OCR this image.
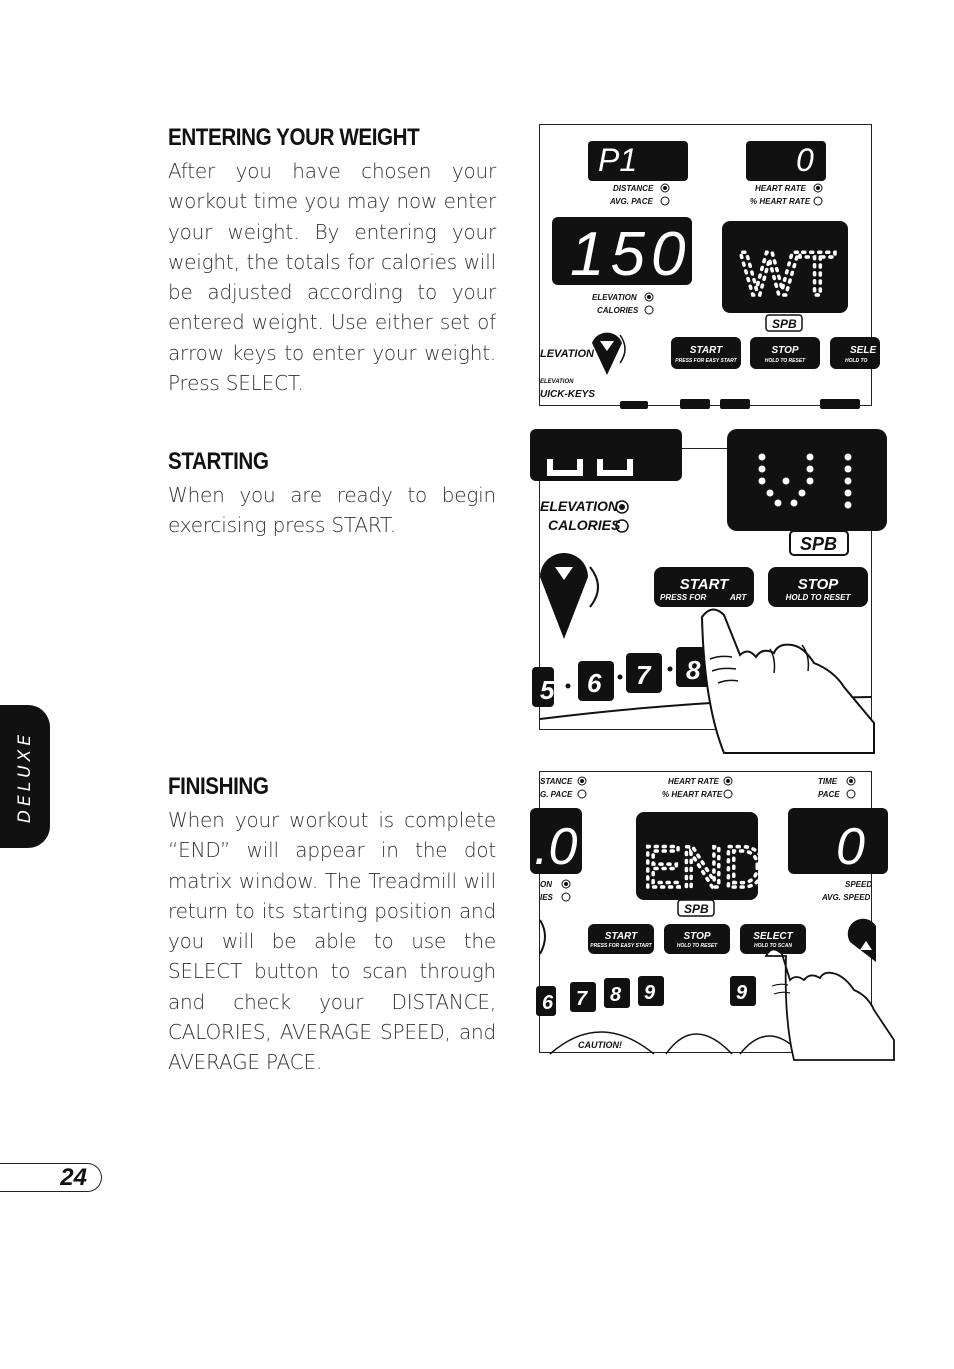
ENTERING YOUR WEIGHT

After you have chosen your workout time you may now enter your weight. By entering your weight, the totals for calories will be adjusted according to your entered weight. Use either set of arrow keys to enter your weight. Press SELECT.

STARTING

When you are ready to begin exercising press START.

FINISHING

When your workout is complete “END” will appear in the dot matrix window. The Treadmill will return to its starting position and you will be able to use the SELECT button to scan through and check your DISTANCE, CALORIES, AVERAGE SPEED, and AVERAGE PACE.

P1	0
DISTANCE
AVG. PACE
HEART RATE
% HEART RATE
150 WT
SPB
ELEVATION
CALORIES
LEVATION
ELEVATION
UICK-KEYS
START
PRESS FOR EASY START
STOP
HOLD TO RESET
SELE
HOLD TO
ELEVATION
CALORIES
SPB
START
PRESS FOR	ART
STOP
HOLD TO RESET
5 6 7 8
STANCE
G. PACE
HEART RATE
% HEART RATE
TIME
PACE
.0 END
SPB
0
ON
IES
SPEED
AVG. SPEED
START
PRESS FOR EASY START
STOP
HOLD TO RESET
SELECT
HOLD TO SCAN
6 7 8 9	9
CAUTION!
DELUXE
24
